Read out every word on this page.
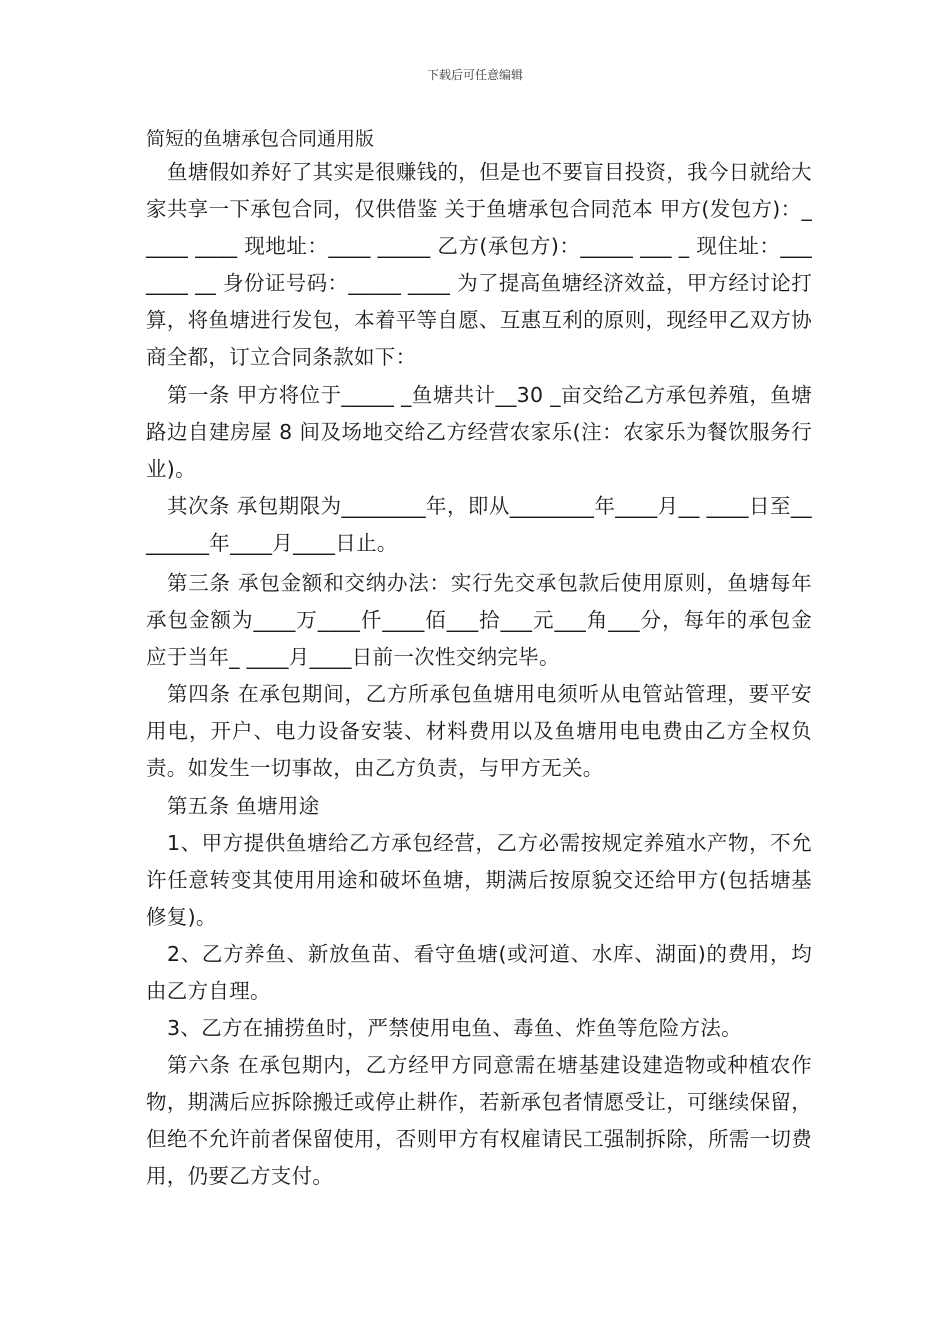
下载后可任意编辑
简短的鱼塘承包合同通用版
鱼塘假如养好了其实是很赚钱的，但是也不要盲目投资，我今日就给大家共享一下承包合同，仅供借鉴 关于鱼塘承包合同范本 甲方(发包方)：_____ ____ 现地址：____ _____ 乙方(承包方)：_____ ___ _ 现住址：_______ __ 身份证号码：_____ ____ 为了提高鱼塘经济效益，甲方经讨论打算，将鱼塘进行发包，本着平等自愿、互惠互利的原则，现经甲乙双方协商全都，订立合同条款如下：
第一条 甲方将位于_____ _鱼塘共计__30 _亩交给乙方承包养殖，鱼塘路边自建房屋 8 间及场地交给乙方经营农家乐(注：农家乐为餐饮服务行业)。
其次条 承包期限为________年，即从________年____月__ ____日至________年____月____日止。
第三条 承包金额和交纳办法：实行先交承包款后使用原则，鱼塘每年承包金额为____万____仟____佰___拾___元___角___分，每年的承包金应于当年_ ____月____日前一次性交纳完毕。
第四条 在承包期间，乙方所承包鱼塘用电须听从电管站管理，要平安用电，开户、电力设备安装、材料费用以及鱼塘用电电费由乙方全权负责。如发生一切事故，由乙方负责，与甲方无关。
第五条 鱼塘用途
1、甲方提供鱼塘给乙方承包经营，乙方必需按规定养殖水产物，不允许任意转变其使用用途和破坏鱼塘，期满后按原貌交还给甲方(包括塘基修复)。
2、乙方养鱼、新放鱼苗、看守鱼塘(或河道、水库、湖面)的费用，均由乙方自理。
3、乙方在捕捞鱼时，严禁使用电鱼、毒鱼、炸鱼等危险方法。
第六条 在承包期内，乙方经甲方同意需在塘基建设建造物或种植农作物，期满后应拆除搬迁或停止耕作，若新承包者情愿受让，可继续保留，但绝不允许前者保留使用，否则甲方有权雇请民工强制拆除，所需一切费用，仍要乙方支付。
